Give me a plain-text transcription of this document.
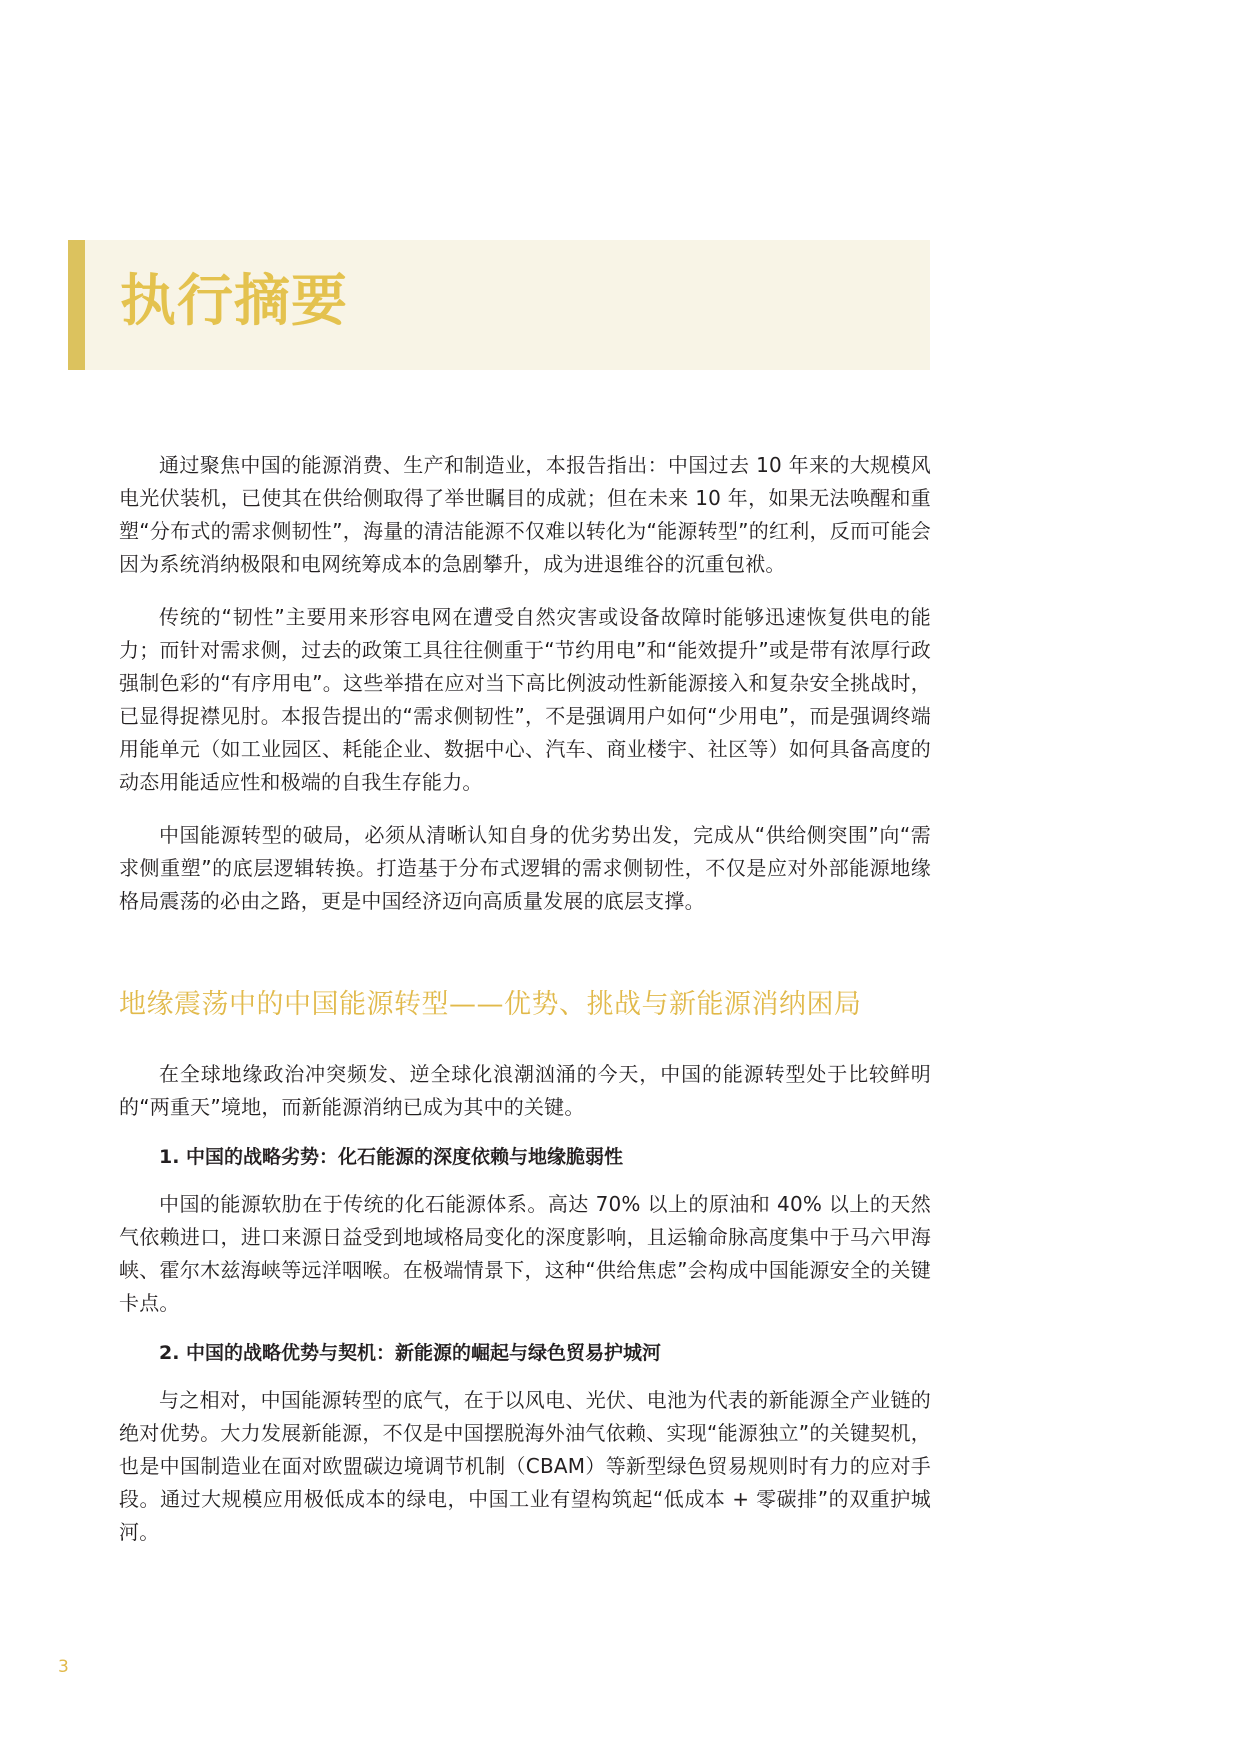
执行摘要

通过聚焦中国的能源消费、生产和制造业，本报告指出：中国过去 10 年来的大规模风电光伏装机，已使其在供给侧取得了举世瞩目的成就；但在未来 10 年，如果无法唤醒和重塑“分布式的需求侧韧性”，海量的清洁能源不仅难以转化为“能源转型”的红利，反而可能会因为系统消纳极限和电网统筹成本的急剧攀升，成为进退维谷的沉重包袱。

传统的“韧性”主要用来形容电网在遭受自然灾害或设备故障时能够迅速恢复供电的能力；而针对需求侧，过去的政策工具往往侧重于“节约用电”和“能效提升”或是带有浓厚行政强制色彩的“有序用电”。这些举措在应对当下高比例波动性新能源接入和复杂安全挑战时，已显得捉襟见肘。本报告提出的“需求侧韧性”，不是强调用户如何“少用电”，而是强调终端用能单元（如工业园区、耗能企业、数据中心、汽车、商业楼宇、社区等）如何具备高度的动态用能适应性和极端的自我生存能力。

中国能源转型的破局，必须从清晰认知自身的优劣势出发，完成从“供给侧突围”向“需求侧重塑”的底层逻辑转换。打造基于分布式逻辑的需求侧韧性，不仅是应对外部能源地缘格局震荡的必由之路，更是中国经济迈向高质量发展的底层支撑。

地缘震荡中的中国能源转型——优势、挑战与新能源消纳困局

在全球地缘政治冲突频发、逆全球化浪潮汹涌的今天，中国的能源转型处于比较鲜明的“两重天”境地，而新能源消纳已成为其中的关键。

1. 中国的战略劣势：化石能源的深度依赖与地缘脆弱性

中国的能源软肋在于传统的化石能源体系。高达 70% 以上的原油和 40% 以上的天然气依赖进口，进口来源日益受到地域格局变化的深度影响，且运输命脉高度集中于马六甲海峡、霍尔木兹海峡等远洋咽喉。在极端情景下，这种“供给焦虑”会构成中国能源安全的关键卡点。

2. 中国的战略优势与契机：新能源的崛起与绿色贸易护城河

与之相对，中国能源转型的底气，在于以风电、光伏、电池为代表的新能源全产业链的绝对优势。大力发展新能源，不仅是中国摆脱海外油气依赖、实现“能源独立”的关键契机，也是中国制造业在面对欧盟碳边境调节机制（CBAM）等新型绿色贸易规则时有力的应对手段。通过大规模应用极低成本的绿电，中国工业有望构筑起“低成本 + 零碳排”的双重护城河。

3
